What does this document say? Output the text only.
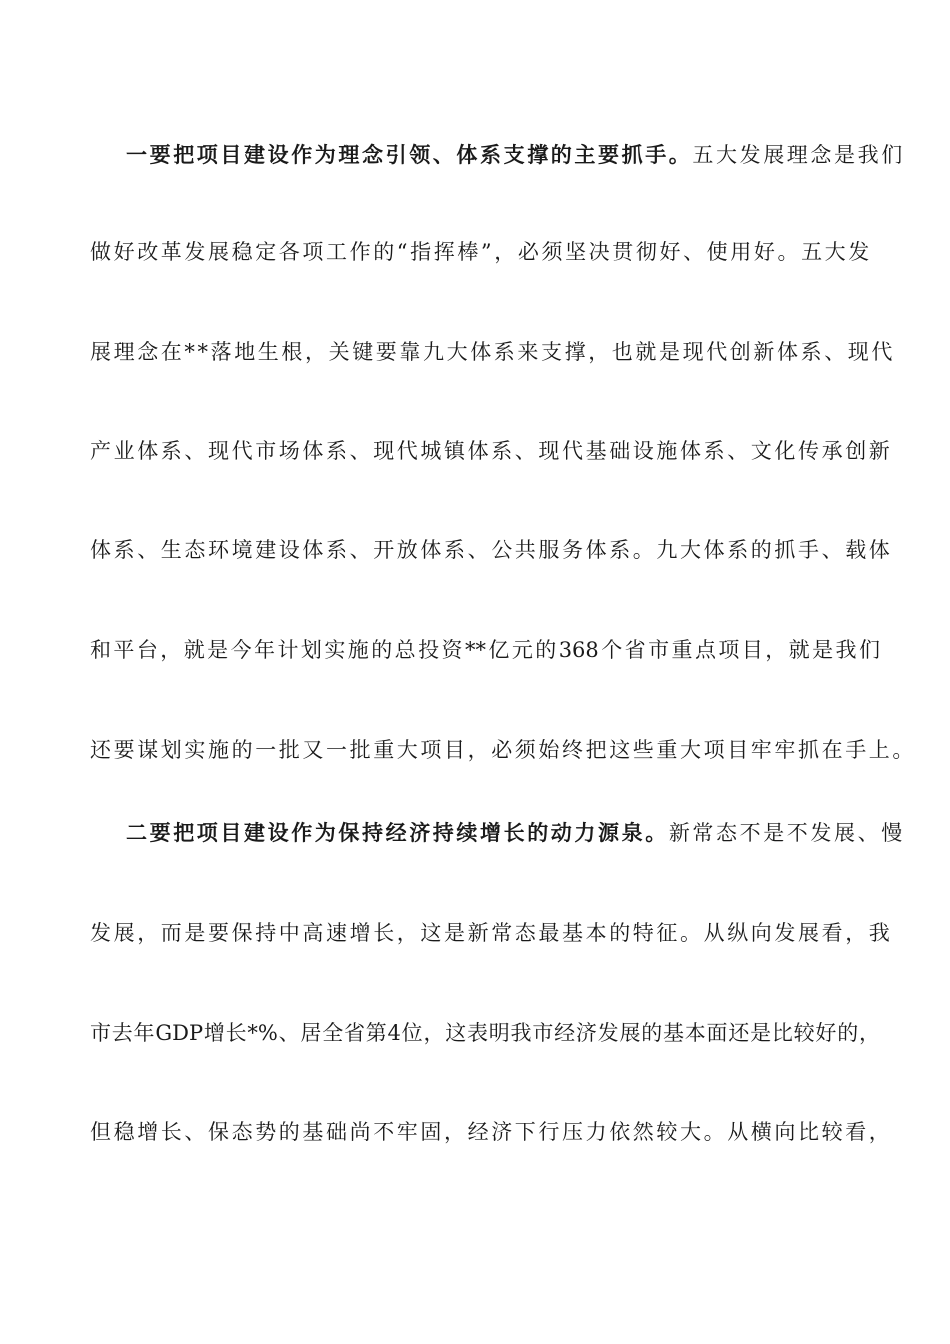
一要把项目建设作为理念引领、体系支撑的主要抓手。五大发展理念是我们
做好改革发展稳定各项工作的“指挥棒”，必须坚决贯彻好、使用好。五大发
展理念在**落地生根，关键要靠九大体系来支撑，也就是现代创新体系、现代
产业体系、现代市场体系、现代城镇体系、现代基础设施体系、文化传承创新
体系、生态环境建设体系、开放体系、公共服务体系。九大体系的抓手、载体
和平台，就是今年计划实施的总投资**亿元的368个省市重点项目，就是我们
还要谋划实施的一批又一批重大项目，必须始终把这些重大项目牢牢抓在手上。
二要把项目建设作为保持经济持续增长的动力源泉。新常态不是不发展、慢
发展，而是要保持中高速增长，这是新常态最基本的特征。从纵向发展看，我
市去年GDP增长*%、居全省第4位，这表明我市经济发展的基本面还是比较好的，
但稳增长、保态势的基础尚不牢固，经济下行压力依然较大。从横向比较看，
